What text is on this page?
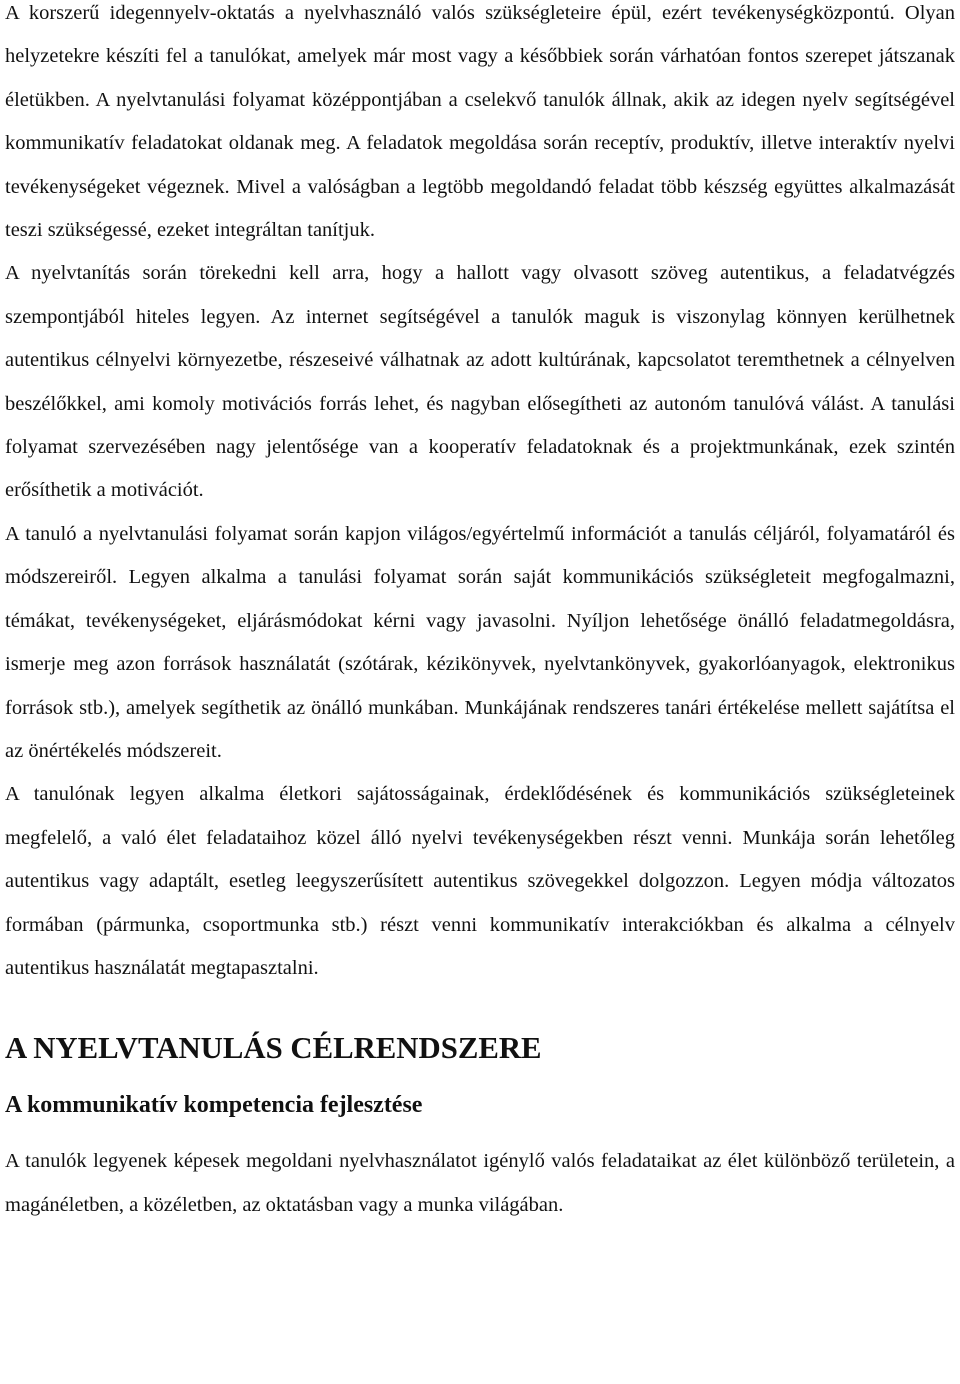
A korszerű idegennyelv-oktatás a nyelvhasználó valós szükségleteire épül, ezért tevékenységközpontú. Olyan helyzetekre készíti fel a tanulókat, amelyek már most vagy a későbbiek során várhatóan fontos szerepet játszanak életükben. A nyelvtanulási folyamat középpontjában a cselekvő tanulók állnak, akik az idegen nyelv segítségével kommunikatív feladatokat oldanak meg. A feladatok megoldása során receptív, produktív, illetve interaktív nyelvi tevékenységeket végeznek. Mivel a valóságban a legtöbb megoldandó feladat több készség együttes alkalmazását teszi szükségessé, ezeket integráltan tanítjuk.

A nyelvtanítás során törekedni kell arra, hogy a hallott vagy olvasott szöveg autentikus, a feladatvégzés szempontjából hiteles legyen. Az internet segítségével a tanulók maguk is viszonylag könnyen kerülhetnek autentikus célnyelvi környezetbe, részeseivé válhatnak az adott kultúrának, kapcsolatot teremthetnek a célnyelven beszélőkkel, ami komoly motivációs forrás lehet, és nagyban elősegítheti az autonóm tanulóvá válást. A tanulási folyamat szervezésében nagy jelentősége van a kooperatív feladatoknak és a projektmunkának, ezek szintén erősíthetik a motivációt.

A tanuló a nyelvtanulási folyamat során kapjon világos/egyértelmű információt a tanulás céljáról, folyamatáról és módszereiről. Legyen alkalma a tanulási folyamat során saját kommunikációs szükségleteit megfogalmazni, témákat, tevékenységeket, eljárásmódokat kérni vagy javasolni. Nyíljon lehetősége önálló feladatmegoldásra, ismerje meg azon források használatát (szótárak, kézikönyvek, nyelvtankönyvek, gyakorlóanyagok, elektronikus források stb.), amelyek segíthetik az önálló munkában. Munkájának rendszeres tanári értékelése mellett sajátítsa el az önértékelés módszereit.

A tanulónak legyen alkalma életkori sajátosságainak, érdeklődésének és kommunikációs szükségleteinek megfelelő, a való élet feladataihoz közel álló nyelvi tevékenységekben részt venni. Munkája során lehetőleg autentikus vagy adaptált, esetleg leegyszerűsített autentikus szövegekkel dolgozzon. Legyen módja változatos formában (pármunka, csoportmunka stb.) részt venni kommunikatív interakciókban és alkalma a célnyelv autentikus használatát megtapasztalni.

A NYELVTANULÁS CÉLRENDSZERE
A kommunikatív kompetencia fejlesztése

A tanulók legyenek képesek megoldani nyelvhasználatot igénylő valós feladataikat az élet különböző területein, a magánéletben, a közéletben, az oktatásban vagy a munka világában.
